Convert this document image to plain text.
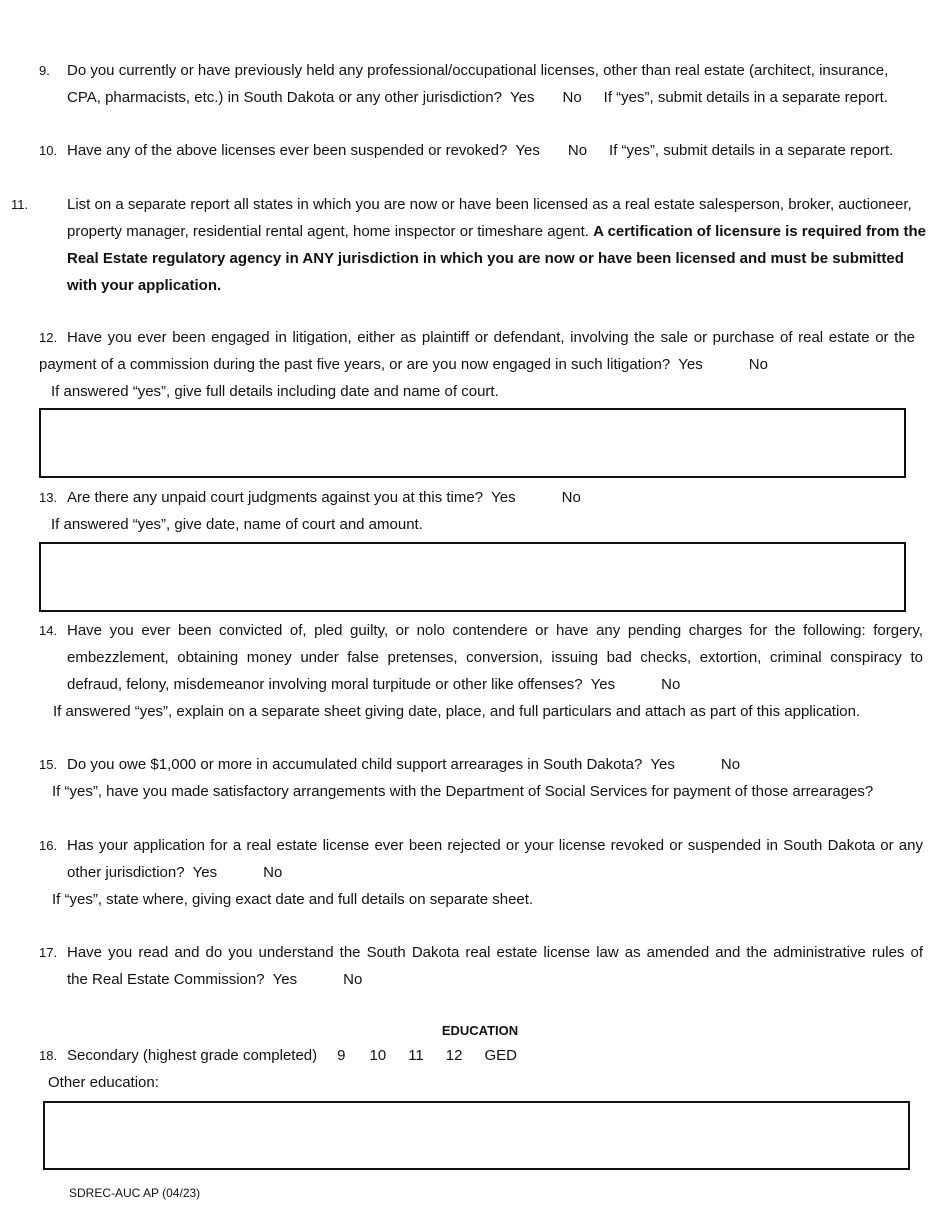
9. Do you currently or have previously held any professional/occupational licenses, other than real estate (architect, insurance,
CPA, pharmacists, etc.) in South Dakota or any other jurisdiction? Yes No If “yes”, submit details in a separate report.
10. Have any of the above licenses ever been suspended or revoked? Yes No If “yes”, submit details in a separate report.
11.	List on a separate report all states in which you are now or have been licensed as a real estate salesperson, broker, auctioneer, property manager, residential rental agent, home inspector or timeshare agent. A certification of licensure is required from the Real Estate regulatory agency in ANY jurisdiction in which you are now or have been licensed and must be submitted with your application.
12. Have you ever been engaged in litigation, either as plaintiff or defendant, involving the sale or purchase of real estate or the
payment of a commission during the past five years, or are you now engaged in such litigation? Yes	No
If answered “yes”, give full details including date and name of court.
13. Are there any unpaid court judgments against you at this time? Yes	No
If answered “yes”, give date, name of court and amount.
14. Have you ever been convicted of, pled guilty, or nolo contendere or have any pending charges for the following: forgery,
embezzlement, obtaining money under false pretenses, conversion, issuing bad checks, extortion, criminal conspiracy to
defraud, felony, misdemeanor involving moral turpitude or other like offenses? Yes	No
If answered “yes”, explain on a separate sheet giving date, place, and full particulars and attach as part of this application.
15. Do you owe $1,000 or more in accumulated child support arrearages in South Dakota? Yes	No
If “yes”, have you made satisfactory arrangements with the Department of Social Services for payment of those arrearages?
16. Has your application for a real estate license ever been rejected or your license revoked or suspended in South Dakota or any
other jurisdiction? Yes	No
If “yes”, state where, giving exact date and full details on separate sheet.
17. Have you read and do you understand the South Dakota real estate license law as amended and the administrative rules of
the Real Estate Commission? Yes	No
EDUCATION
18. Secondary (highest grade completed) 9 10 11 12 GED
Other education:
SDREC-AUC AP (04/23)
